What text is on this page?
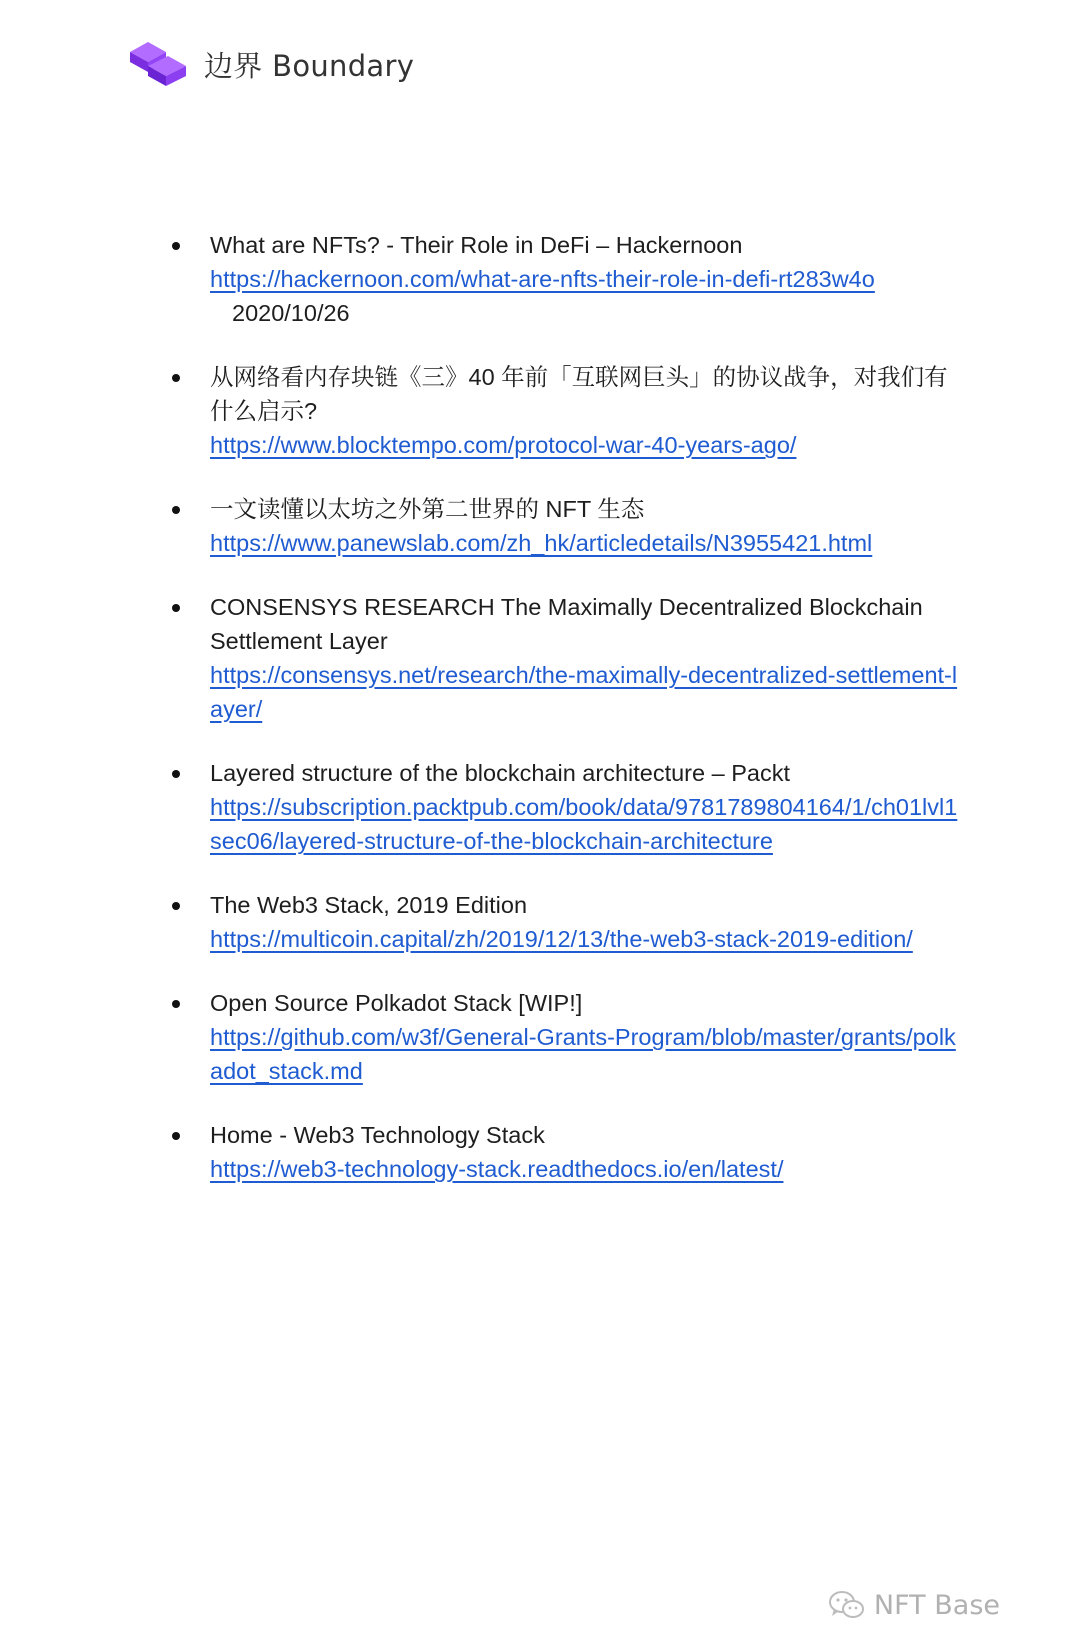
边界 Boundary
What are NFTs? - Their Role in DeFi – Hackernoon
https://hackernoon.com/what-are-nfts-their-role-in-defi-rt283w4o2020/10/26
从网络看内存块链《三》40 年前「互联网巨头」的协议战争，对我们有什么启示?
https://www.blocktempo.com/protocol-war-40-years-ago/
一文读懂以太坊之外第二世界的 NFT 生态
https://www.panewslab.com/zh_hk/articledetails/N3955421.html
CONSENSYS RESEARCH The Maximally Decentralized Blockchain Settlement Layer
https://consensys.net/research/the-maximally-decentralized-settlement-layer/
Layered structure of the blockchain architecture – Packt
https://subscription.packtpub.com/book/data/9781789804164/1/ch01lvl1sec06/layered-structure-of-the-blockchain-architecture
The Web3 Stack, 2019 Edition
https://multicoin.capital/zh/2019/12/13/the-web3-stack-2019-edition/
Open Source Polkadot Stack [WIP!]
https://github.com/w3f/General-Grants-Program/blob/master/grants/polkadot_stack.md
Home - Web3 Technology Stack
https://web3-technology-stack.readthedocs.io/en/latest/
NFT Base
